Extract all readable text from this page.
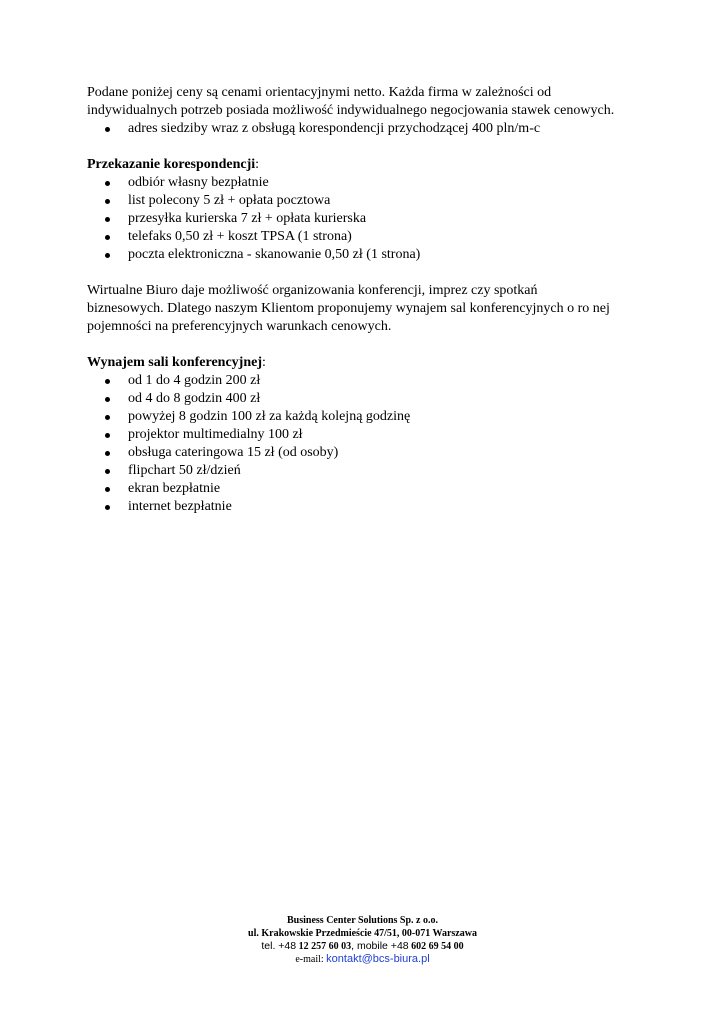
Podane poniżej ceny są cenami orientacyjnymi netto. Każda firma w zależności od

indywidualnych potrzeb posiada możliwość indywidualnego negocjowania stawek cenowych.

adres siedziby wraz z obsługą korespondencji przychodzącej 400 pln/m-c

Przekazanie korespondencji:

odbiór własny bezpłatnie
list polecony 5 zł + opłata pocztowa
przesyłka kurierska 7 zł + opłata kurierska
telefaks 0,50 zł + koszt TPSA (1 strona)
poczta elektroniczna - skanowanie 0,50 zł (1 strona)

Wirtualne Biuro daje możliwość organizowania konferencji, imprez czy spotkań

biznesowych. Dlatego naszym Klientom proponujemy wynajem sal konferencyjnych o ro nej

pojemności na preferencyjnych warunkach cenowych.

Wynajem sali konferencyjnej:

od 1 do 4 godzin 200 zł
od 4 do 8 godzin 400 zł
powyżej 8 godzin 100 zł za każdą kolejną godzinę
projektor multimedialny 100 zł
obsługa cateringowa 15 zł (od osoby)
flipchart 50 zł/dzień
ekran bezpłatnie
internet bezpłatnie
Business Center Solutions Sp. z o.o.
ul. Krakowskie Przedmieście 47/51, 00-071 Warszawa
tel. +48 12 257 60 03, mobile +48 602 69 54 00
e-mail: kontakt@bcs-biura.pl
